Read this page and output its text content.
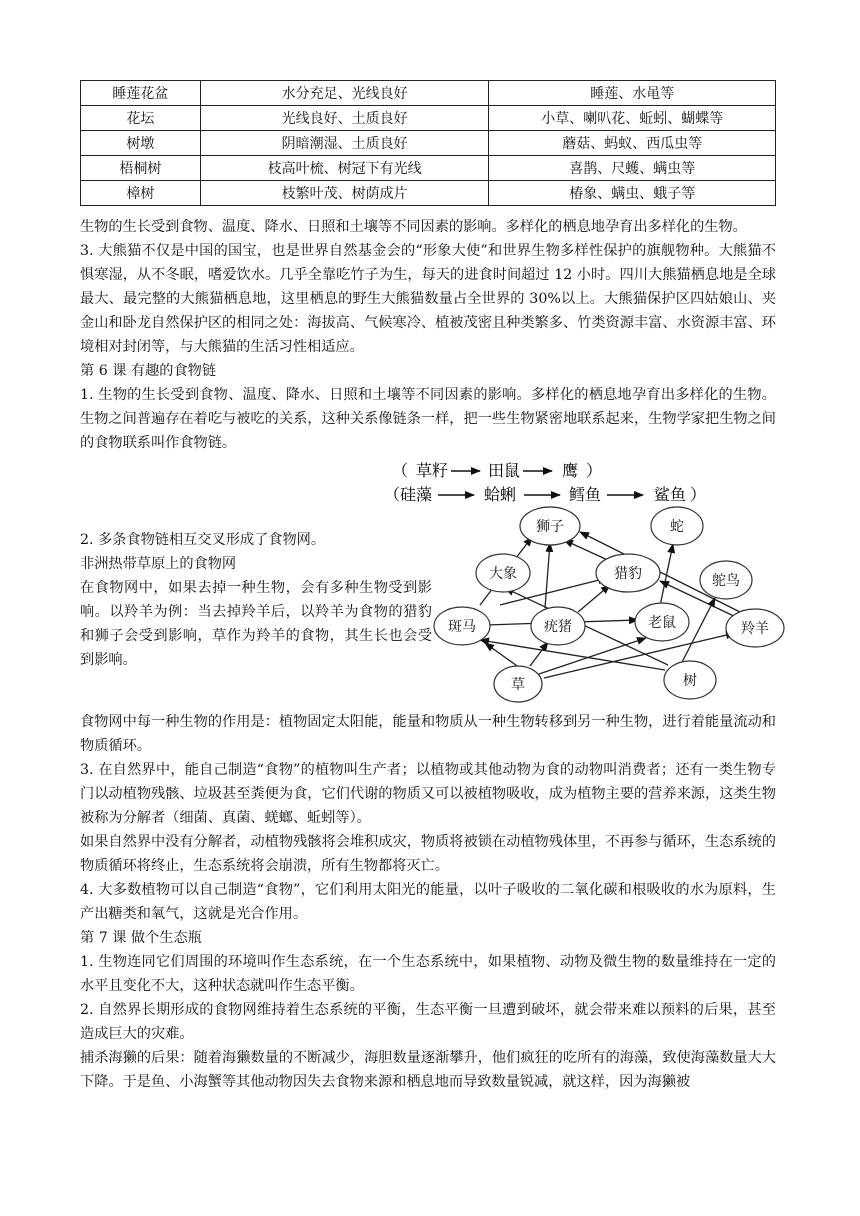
睡莲花盆	水分充足、光线良好	睡莲、水黾等
花坛	光线良好、土质良好	小草、喇叭花、蚯蚓、蝴蝶等
树墩	阴暗潮湿、土质良好	蘑菇、蚂蚁、西瓜虫等
梧桐树	枝高叶梳、树冠下有光线	喜鹊、尺蠖、螨虫等
樟树	枝繁叶茂、树荫成片	椿象、螨虫、蛾子等

生物的生长受到食物、温度、降水、日照和土壤等不同因素的影响。多样化的栖息地孕育出多样化的生物。

3. 大熊猫不仅是中国的国宝，也是世界自然基金会的“形象大使”和世界生物多样性保护的旗舰物种。大熊猫不惧寒湿，从不冬眠，嗜爱饮水。几乎全靠吃竹子为生，每天的进食时间超过 12 小时。四川大熊猫栖息地是全球最大、最完整的大熊猫栖息地，这里栖息的野生大熊猫数量占全世界的 30%以上。大熊猫保护区四姑娘山、夹金山和卧龙自然保护区的相同之处：海拔高、气候寒冷、植被茂密且种类繁多、竹类资源丰富、水资源丰富、环境相对封闭等，与大熊猫的生活习性相适应。

第 6 课 有趣的食物链

1. 生物的生长受到食物、温度、降水、日照和土壤等不同因素的影响。多样化的栖息地孕育出多样化的生物。生物之间普遍存在着吃与被吃的关系，这种关系像链条一样，把一些生物紧密地联系起来，生物学家把生物之间的食物联系叫作食物链。

2. 多条食物链相互交叉形成了食物网。

非洲热带草原上的食物网

在食物网中，如果去掉一种生物，会有多种生物受到影响。以羚羊为例：当去掉羚羊后，以羚羊为食物的猎豹和狮子会受到影响，草作为羚羊的食物，其生长也会受到影响。

食物网中每一种生物的作用是：植物固定太阳能，能量和物质从一种生物转移到另一种生物，进行着能量流动和物质循环。

3. 在自然界中，能自己制造“食物”的植物叫生产者；以植物或其他动物为食的动物叫消费者；还有一类生物专门以动植物残骸、垃圾甚至粪便为食，它们代谢的物质又可以被植物吸收，成为植物主要的营养来源，这类生物被称为分解者（细菌、真菌、蜣螂、蚯蚓等）。

如果自然界中没有分解者，动植物残骸将会堆积成灾，物质将被锁在动植物残体里，不再参与循环，生态系统的物质循环将终止，生态系统将会崩溃，所有生物都将灭亡。

4. 大多数植物可以自己制造“食物”，它们利用太阳光的能量，以叶子吸收的二氧化碳和根吸收的水为原料，生产出糖类和氧气，这就是光合作用。

第 7 课 做个生态瓶

1. 生物连同它们周围的环境叫作生态系统，在一个生态系统中，如果植物、动物及微生物的数量维持在一定的水平且变化不大，这种状态就叫作生态平衡。

2. 自然界长期形成的食物网维持着生态系统的平衡，生态平衡一旦遭到破坏，就会带来难以预料的后果，甚至造成巨大的灾难。

捕杀海獭的后果：随着海獭数量的不断减少，海胆数量逐渐攀升，他们疯狂的吃所有的海藻，致使海藻数量大大下降。于是鱼、小海蟹等其他动物因失去食物来源和栖息地而导致数量锐减，就这样，因为海獭被

（ 草籽 田鼠	鹰 ）
（ 硅藻	蛤蜊	鳕鱼	鲨鱼 ）
狮子	蛇
大象	猎豹	鸵鸟
斑马	疣猪	老鼠	羚羊
草	树
